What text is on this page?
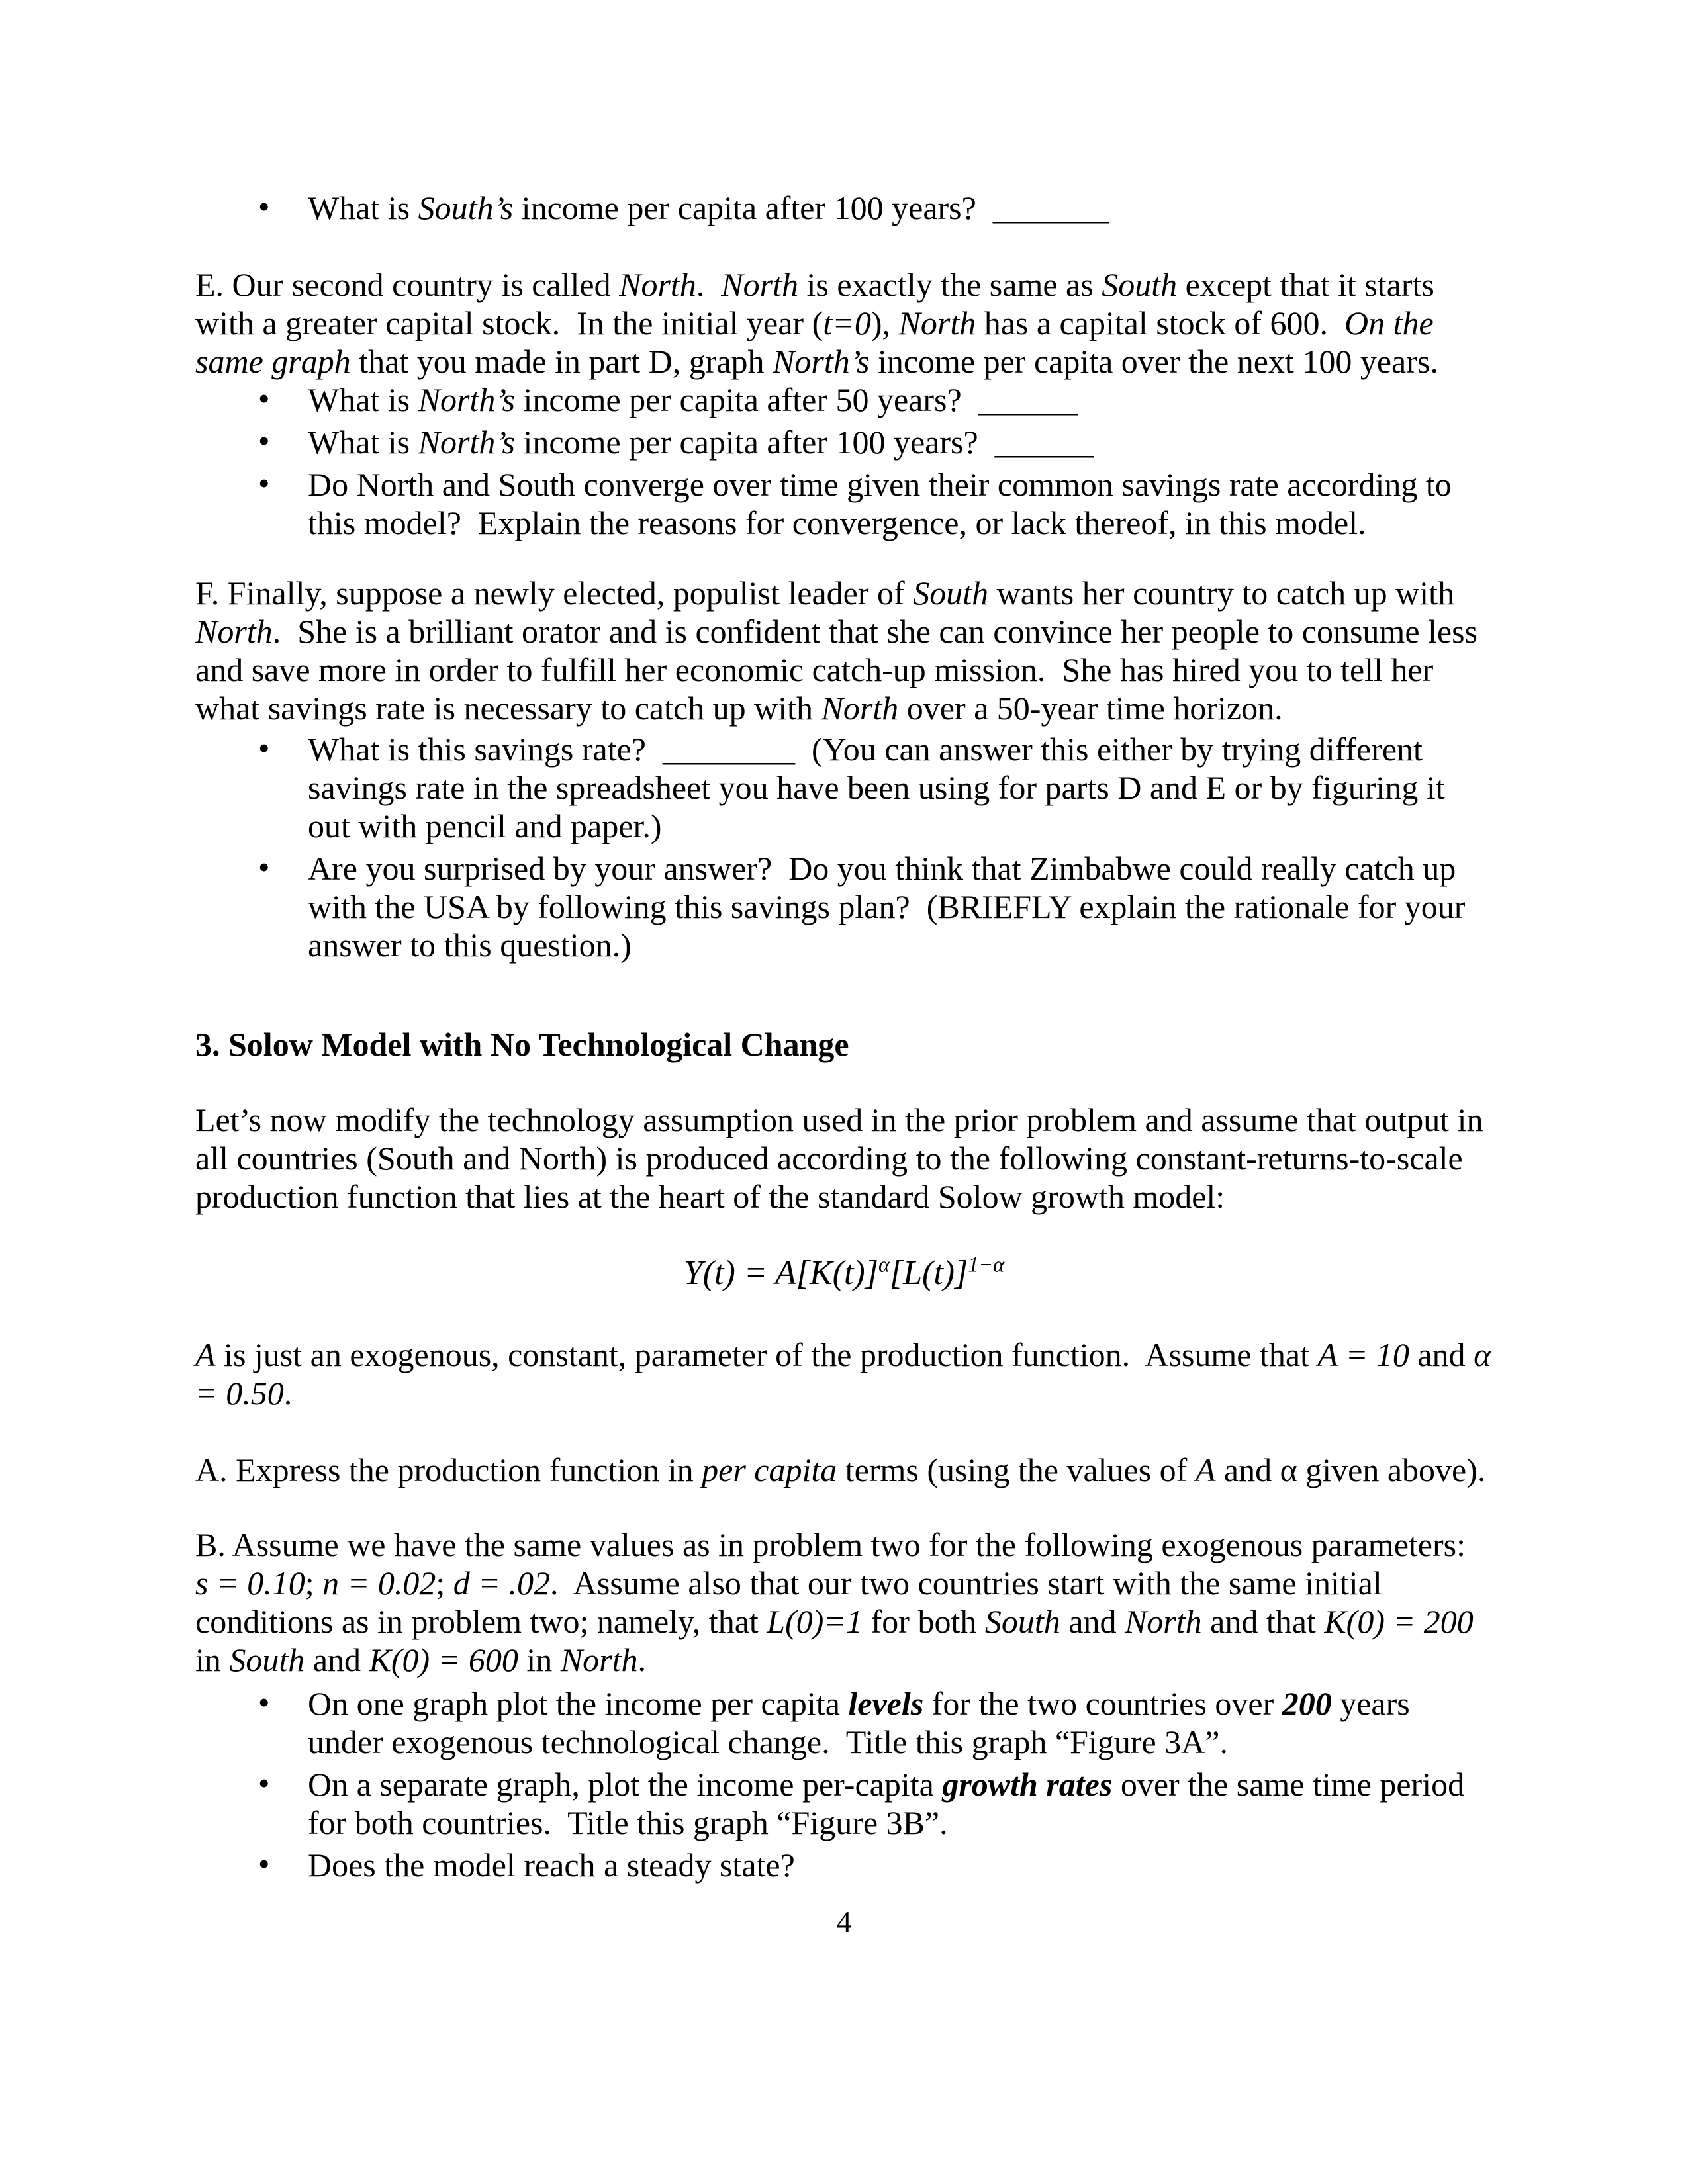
• What is South’s income per capita after 100 years?  _______
E. Our second country is called North.  North is exactly the same as South except that it starts with a greater capital stock.  In the initial year (t=0), North has a capital stock of 600.  On the same graph that you made in part D, graph North’s income per capita over the next 100 years.
• What is North’s income per capita after 50 years?  ______
• What is North’s income per capita after 100 years?  ______
• Do North and South converge over time given their common savings rate according to this model?  Explain the reasons for convergence, or lack thereof, in this model.
F. Finally, suppose a newly elected, populist leader of South wants her country to catch up with North.  She is a brilliant orator and is confident that she can convince her people to consume less and save more in order to fulfill her economic catch-up mission.  She has hired you to tell her what savings rate is necessary to catch up with North over a 50-year time horizon.
• What is this savings rate?  ________  (You can answer this either by trying different savings rate in the spreadsheet you have been using for parts D and E or by figuring it out with pencil and paper.)
• Are you surprised by your answer?  Do you think that Zimbabwe could really catch up with the USA by following this savings plan?  (BRIEFLY explain the rationale for your answer to this question.)
3. Solow Model with No Technological Change
Let’s now modify the technology assumption used in the prior problem and assume that output in all countries (South and North) is produced according to the following constant-returns-to-scale production function that lies at the heart of the standard Solow growth model:
$Y(t) = A[K(t)]^\alpha[L(t)]^{1-\alpha}$
A is just an exogenous, constant, parameter of the production function.  Assume that A = 10 and α = 0.50.
A. Express the production function in per capita terms (using the values of A and α given above).
B. Assume we have the same values as in problem two for the following exogenous parameters:  s = 0.10; n = 0.02; d = .02.  Assume also that our two countries start with the same initial conditions as in problem two; namely, that L(0)=1 for both South and North and that K(0) = 200 in South and K(0) = 600 in North.
• On one graph plot the income per capita levels for the two countries over 200 years under exogenous technological change.  Title this graph “Figure 3A”.
• On a separate graph, plot the income per-capita growth rates over the same time period for both countries.  Title this graph “Figure 3B”.
• Does the model reach a steady state?
4
